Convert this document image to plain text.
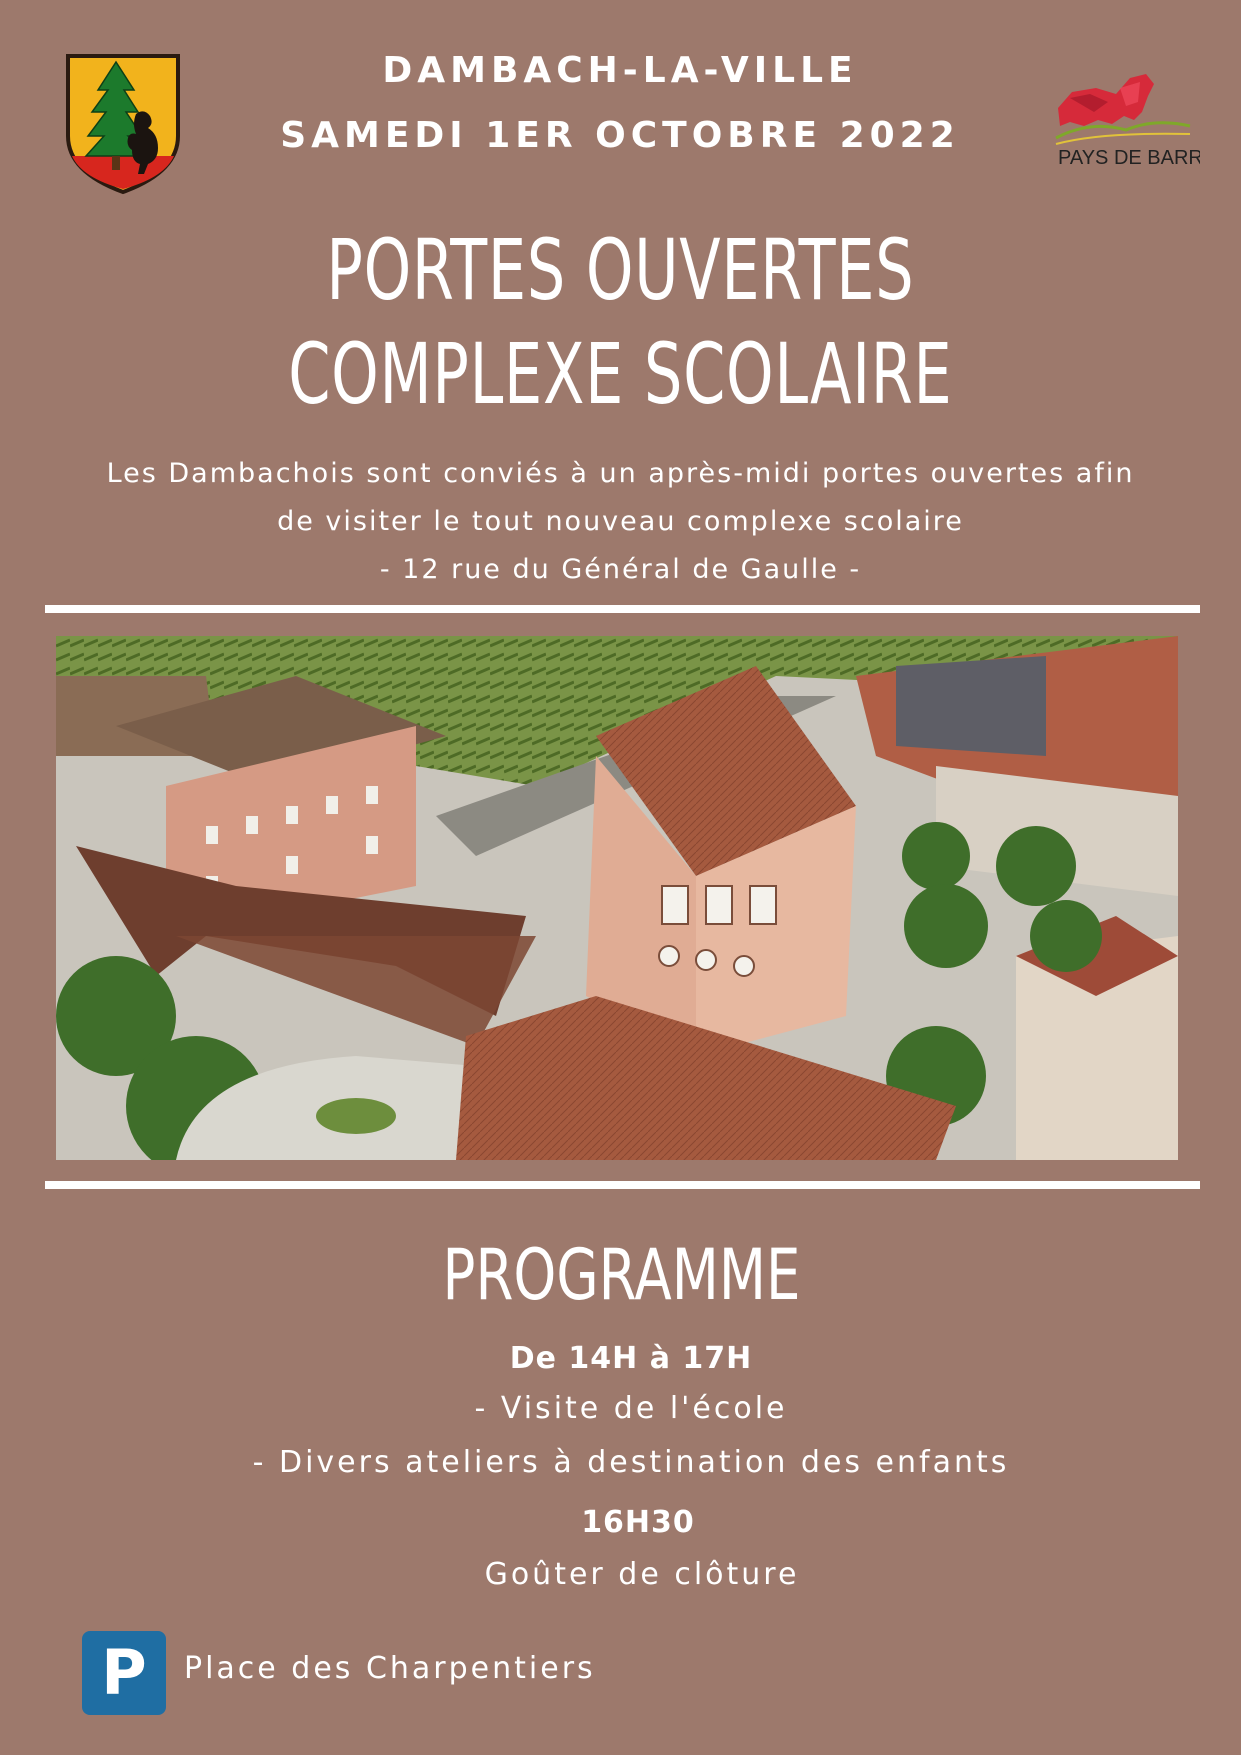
PAYS DE BARR
DAMBACH-LA-VILLE
SAMEDI 1ER OCTOBRE 2022
PORTES OUVERTES
COMPLEXE SCOLAIRE
Les Dambachois sont conviés à un après-midi portes ouvertes afin
de visiter le tout nouveau complexe scolaire
- 12 rue du Général de Gaulle -
PROGRAMME
De 14H à 17H
- Visite de l'école
- Divers ateliers à destination des enfants
16H30
Goûter de clôture
P	Place des Charpentiers
